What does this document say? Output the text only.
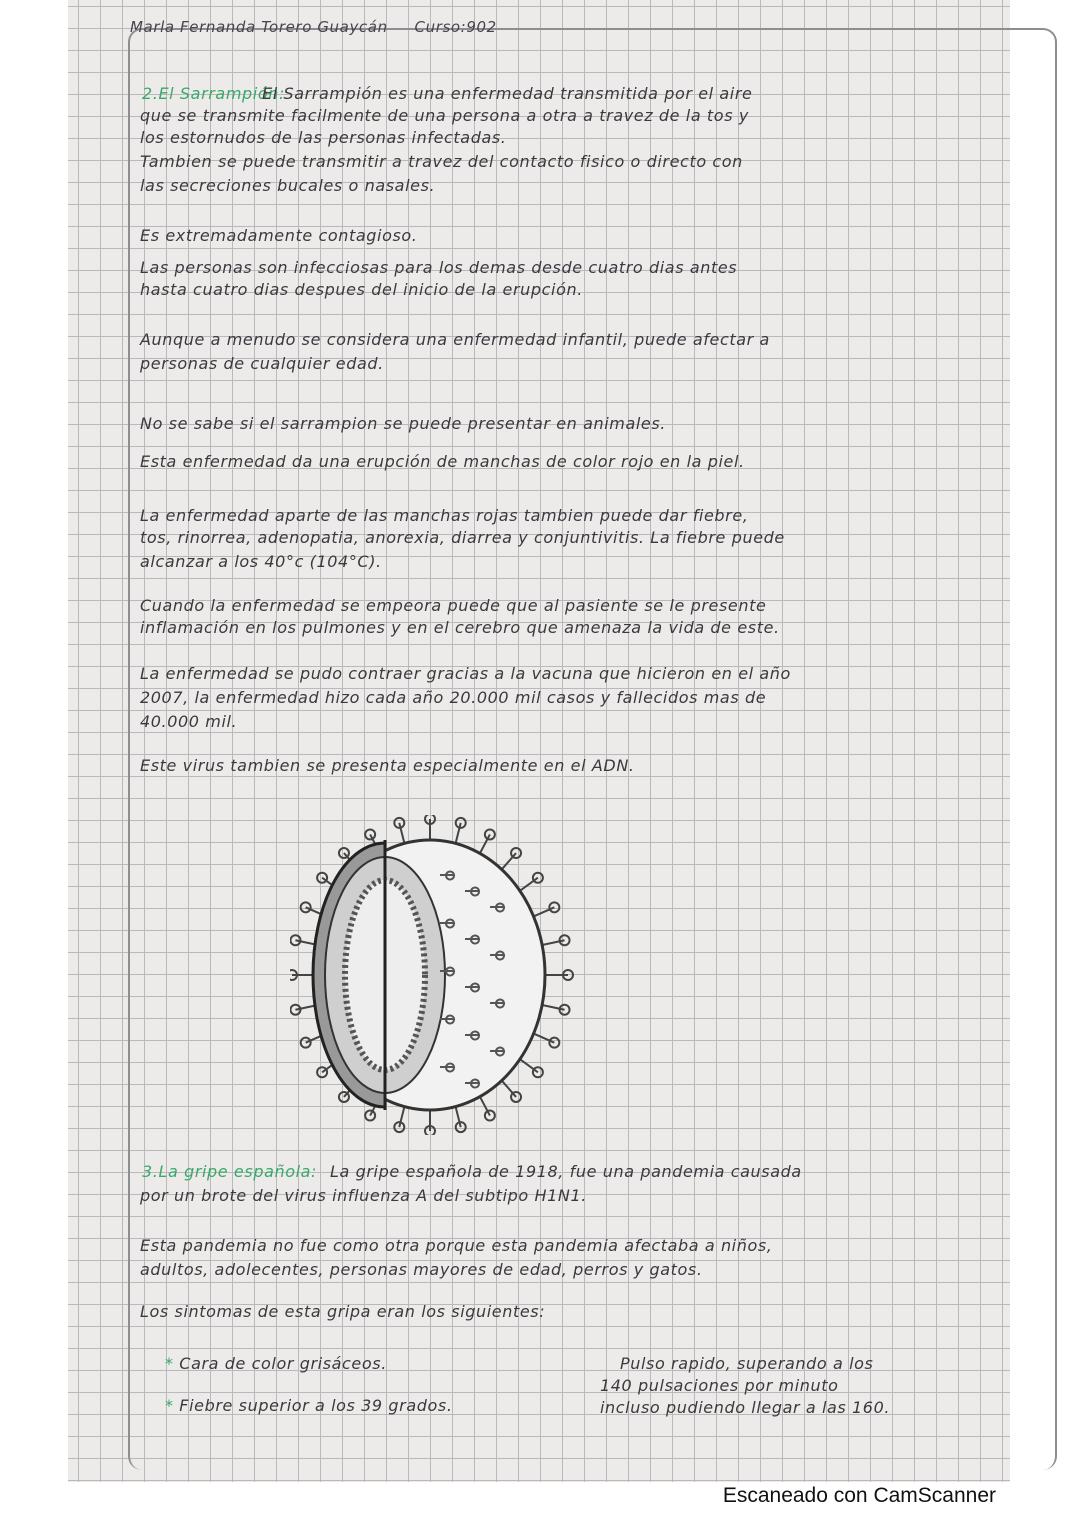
Marla Fernanda Torero Guaycán Curso:902
2.El Sarrampión:
El Sarrampión es una enfermedad transmitida por el aire
que se transmite facilmente de una persona a otra a travez de la tos y
los estornudos de las personas infectadas.
Tambien se puede transmitir a travez del contacto fisico o directo con
las secreciones bucales o nasales.
Es extremadamente contagioso.
Las personas son infecciosas para los demas desde cuatro dias antes
hasta cuatro dias despues del inicio de la erupción.
Aunque a menudo se considera una enfermedad infantil, puede afectar a
personas de cualquier edad.
No se sabe si el sarrampion se puede presentar en animales.
Esta enfermedad da una erupción de manchas de color rojo en la piel.
La enfermedad aparte de las manchas rojas tambien puede dar fiebre,
tos, rinorrea, adenopatia, anorexia, diarrea y conjuntivitis. La fiebre puede
alcanzar a los 40°c (104°C).
Cuando la enfermedad se empeora puede que al pasiente se le presente
inflamación en los pulmones y en el cerebro que amenaza la vida de este.
La enfermedad se pudo contraer gracias a la vacuna que hicieron en el año
2007, la enfermedad hizo cada año 20.000 mil casos y fallecidos mas de
40.000 mil.
Este virus tambien se presenta especialmente en el ADN.
3.La gripe española: La gripe española de 1918, fue una pandemia causada
por un brote del virus influenza A del subtipo H1N1.
Esta pandemia no fue como otra porque esta pandemia afectaba a niños,
adultos, adolecentes, personas mayores de edad, perros y gatos.
Los sintomas de esta gripa eran los siguientes:
* Cara de color grisáceos.
* Fiebre superior a los 39 grados.
Pulso rapido, superando a los
140 pulsaciones por minuto
incluso pudiendo llegar a las 160.
Escaneado con CamScanner
